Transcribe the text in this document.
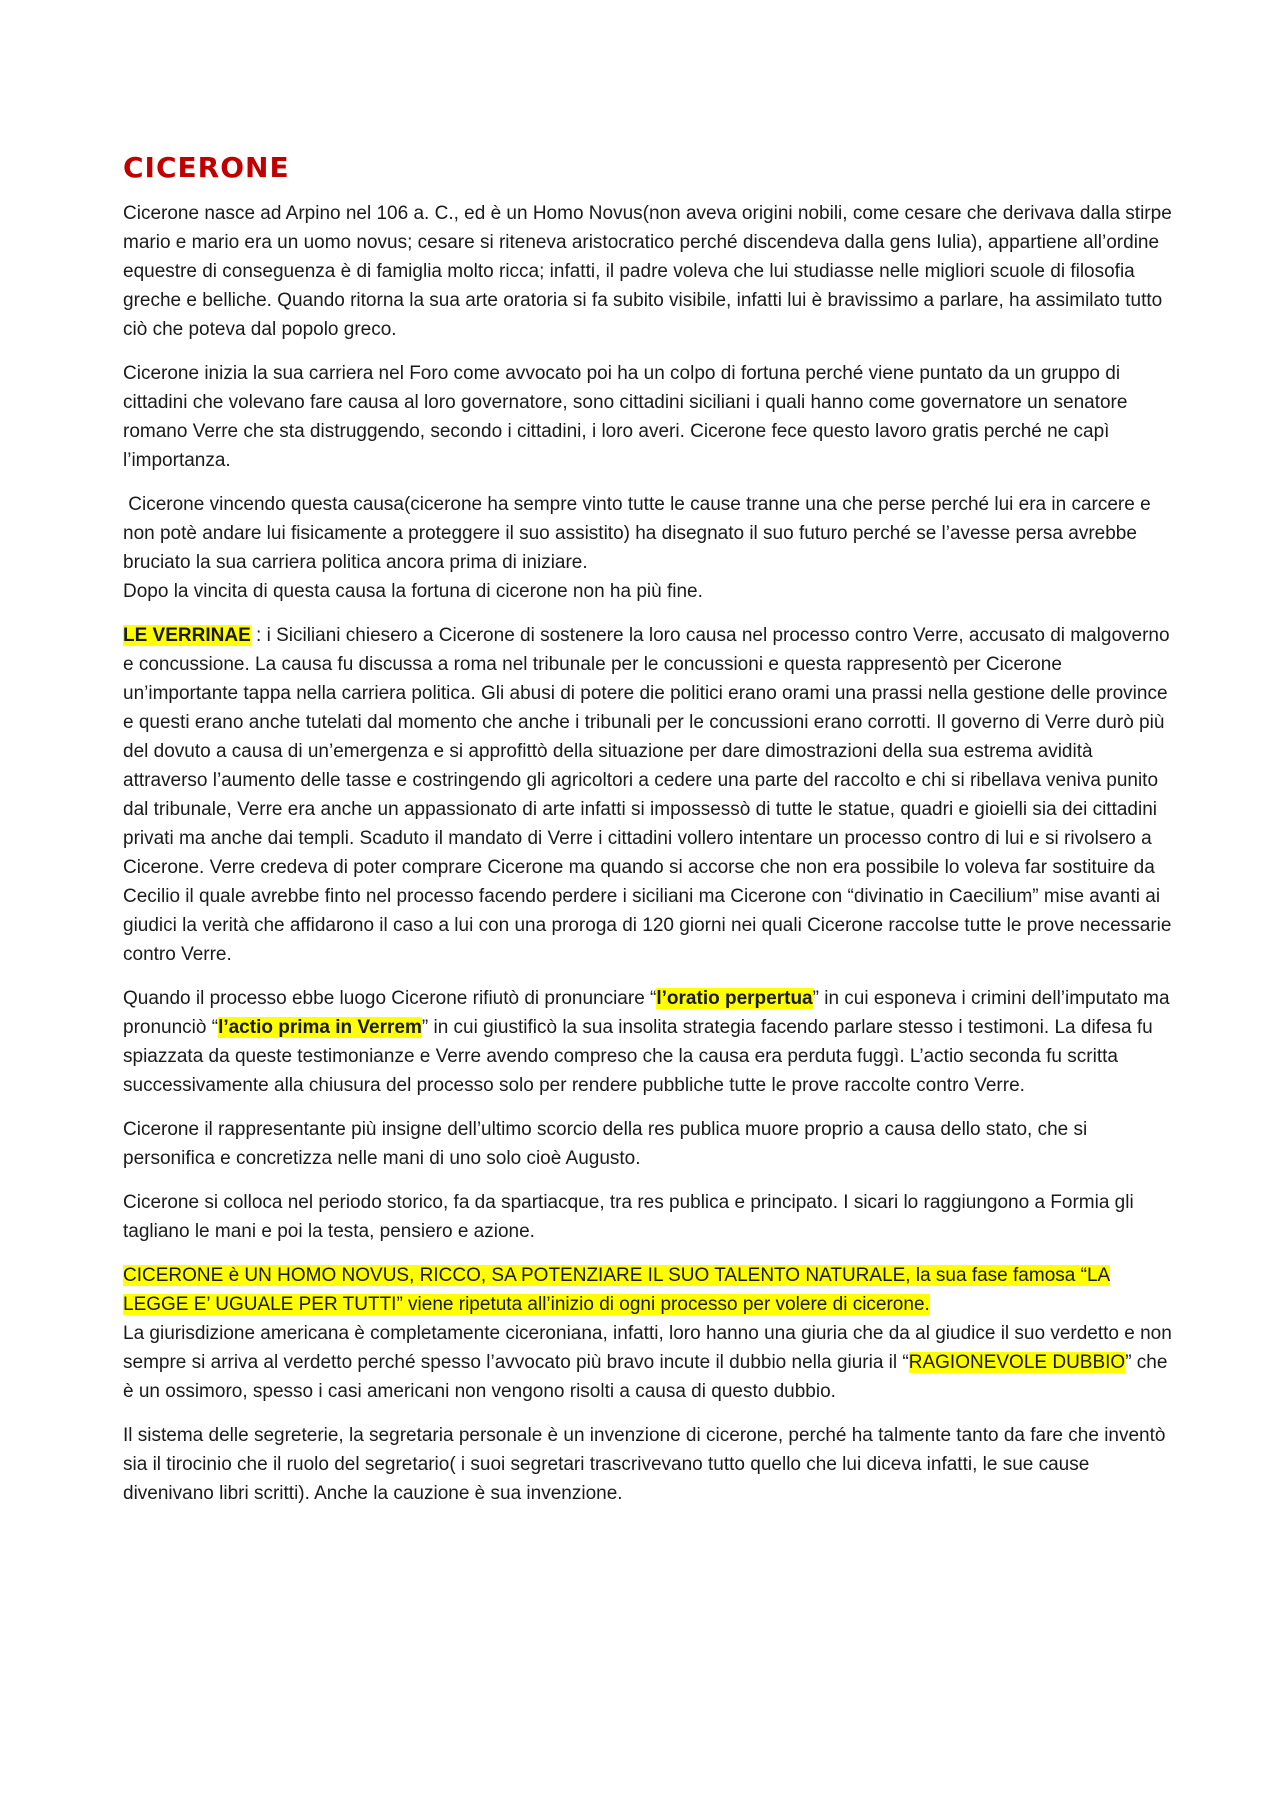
CICERONE

Cicerone nasce ad Arpino nel 106 a. C., ed è un Homo Novus(non aveva origini nobili, come cesare che derivava dalla stirpe mario e mario era un uomo novus; cesare si riteneva aristocratico perché discendeva dalla gens Iulia), appartiene all’ordine equestre di conseguenza è di famiglia molto ricca; infatti, il padre voleva che lui studiasse nelle migliori scuole di filosofia greche e belliche. Quando ritorna la sua arte oratoria si fa subito visibile, infatti lui è bravissimo a parlare, ha assimilato tutto ciò che poteva dal popolo greco.

Cicerone inizia la sua carriera nel Foro come avvocato poi ha un colpo di fortuna perché viene puntato da un gruppo di cittadini che volevano fare causa al loro governatore, sono cittadini siciliani i quali hanno come governatore un senatore romano Verre che sta distruggendo, secondo i cittadini, i loro averi. Cicerone fece questo lavoro gratis perché ne capì l’importanza.

Cicerone vincendo questa causa(cicerone ha sempre vinto tutte le cause tranne una che perse perché lui era in carcere e non potè andare lui fisicamente a proteggere il suo assistito) ha disegnato il suo futuro perché se l’avesse persa avrebbe bruciato la sua carriera politica ancora prima di iniziare.
Dopo la vincita di questa causa la fortuna di cicerone non ha più fine.

LE VERRINAE : i Siciliani chiesero a Cicerone di sostenere la loro causa nel processo contro Verre, accusato di malgoverno e concussione. La causa fu discussa a roma nel tribunale per le concussioni e questa rappresentò per Cicerone un’importante tappa nella carriera politica. Gli abusi di potere die politici erano orami una prassi nella gestione delle province e questi erano anche tutelati dal momento che anche i tribunali per le concussioni erano corrotti. Il governo di Verre durò più del dovuto a causa di un’emergenza e si approfittò della situazione per dare dimostrazioni della sua estrema avidità attraverso l’aumento delle tasse e costringendo gli agricoltori a cedere una parte del raccolto e chi si ribellava veniva punito dal tribunale, Verre era anche un appassionato di arte infatti si impossessò di tutte le statue, quadri e gioielli sia dei cittadini privati ma anche dai templi. Scaduto il mandato di Verre i cittadini vollero intentare un processo contro di lui e si rivolsero a Cicerone. Verre credeva di poter comprare Cicerone ma quando si accorse che non era possibile lo voleva far sostituire da Cecilio il quale avrebbe finto nel processo facendo perdere i siciliani ma Cicerone con “divinatio in Caecilium” mise avanti ai giudici la verità che affidarono il caso a lui con una proroga di 120 giorni nei quali Cicerone raccolse tutte le prove necessarie contro Verre.

Quando il processo ebbe luogo Cicerone rifiutò di pronunciare “l’oratio perpertua” in cui esponeva i crimini dell’imputato ma pronunciò “l’actio prima in Verrem” in cui giustificò la sua insolita strategia facendo parlare stesso i testimoni. La difesa fu spiazzata da queste testimonianze e Verre avendo compreso che la causa era perduta fuggì. L’actio seconda fu scritta successivamente alla chiusura del processo solo per rendere pubbliche tutte le prove raccolte contro Verre.

Cicerone il rappresentante più insigne dell’ultimo scorcio della res publica muore proprio a causa dello stato, che si personifica e concretizza nelle mani di uno solo cioè Augusto.

Cicerone si colloca nel periodo storico, fa da spartiacque, tra res publica e principato. I sicari lo raggiungono a Formia gli tagliano le mani e poi la testa, pensiero e azione.

CICERONE è UN HOMO NOVUS, RICCO, SA POTENZIARE IL SUO TALENTO NATURALE, la sua fase famosa “LA LEGGE E’ UGUALE PER TUTTI” viene ripetuta all’inizio di ogni processo per volere di cicerone.
La giurisdizione americana è completamente ciceroniana, infatti, loro hanno una giuria che da al giudice il suo verdetto e non sempre si arriva al verdetto perché spesso l’avvocato più bravo incute il dubbio nella giuria il “RAGIONEVOLE DUBBIO” che è un ossimoro, spesso i casi americani non vengono risolti a causa di questo dubbio.

Il sistema delle segreterie, la segretaria personale è un invenzione di cicerone, perché ha talmente tanto da fare che inventò sia il tirocinio che il ruolo del segretario( i suoi segretari trascrivevano tutto quello che lui diceva infatti, le sue cause divenivano libri scritti). Anche la cauzione è sua invenzione.
